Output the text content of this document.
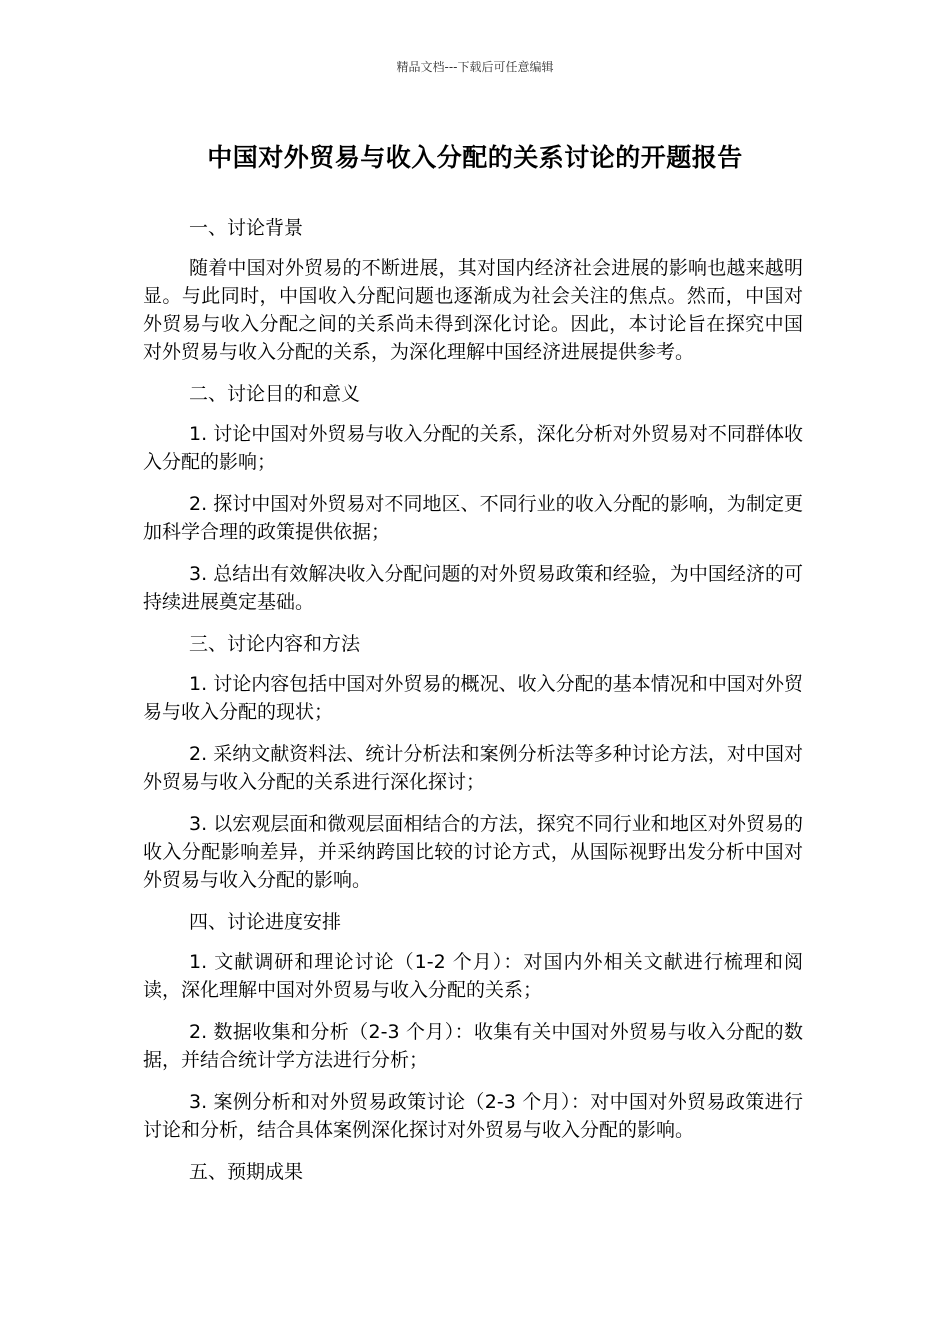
精品文档---下载后可任意编辑
中国对外贸易与收入分配的关系讨论的开题报告

一、讨论背景

随着中国对外贸易的不断进展，其对国内经济社会进展的影响也越来越明显。与此同时，中国收入分配问题也逐渐成为社会关注的焦点。然而，中国对外贸易与收入分配之间的关系尚未得到深化讨论。因此，本讨论旨在探究中国对外贸易与收入分配的关系，为深化理解中国经济进展提供参考。

二、讨论目的和意义

1. 讨论中国对外贸易与收入分配的关系，深化分析对外贸易对不同群体收入分配的影响；

2. 探讨中国对外贸易对不同地区、不同行业的收入分配的影响，为制定更加科学合理的政策提供依据；

3. 总结出有效解决收入分配问题的对外贸易政策和经验，为中国经济的可持续进展奠定基础。

三、讨论内容和方法

1. 讨论内容包括中国对外贸易的概况、收入分配的基本情况和中国对外贸易与收入分配的现状；

2. 采纳文献资料法、统计分析法和案例分析法等多种讨论方法，对中国对外贸易与收入分配的关系进行深化探讨；

3. 以宏观层面和微观层面相结合的方法，探究不同行业和地区对外贸易的收入分配影响差异，并采纳跨国比较的讨论方式，从国际视野出发分析中国对外贸易与收入分配的影响。

四、讨论进度安排

1. 文献调研和理论讨论（1-2 个月）：对国内外相关文献进行梳理和阅读，深化理解中国对外贸易与收入分配的关系；

2. 数据收集和分析（2-3 个月）：收集有关中国对外贸易与收入分配的数据，并结合统计学方法进行分析；

3. 案例分析和对外贸易政策讨论（2-3 个月）：对中国对外贸易政策进行讨论和分析，结合具体案例深化探讨对外贸易与收入分配的影响。

五、预期成果
